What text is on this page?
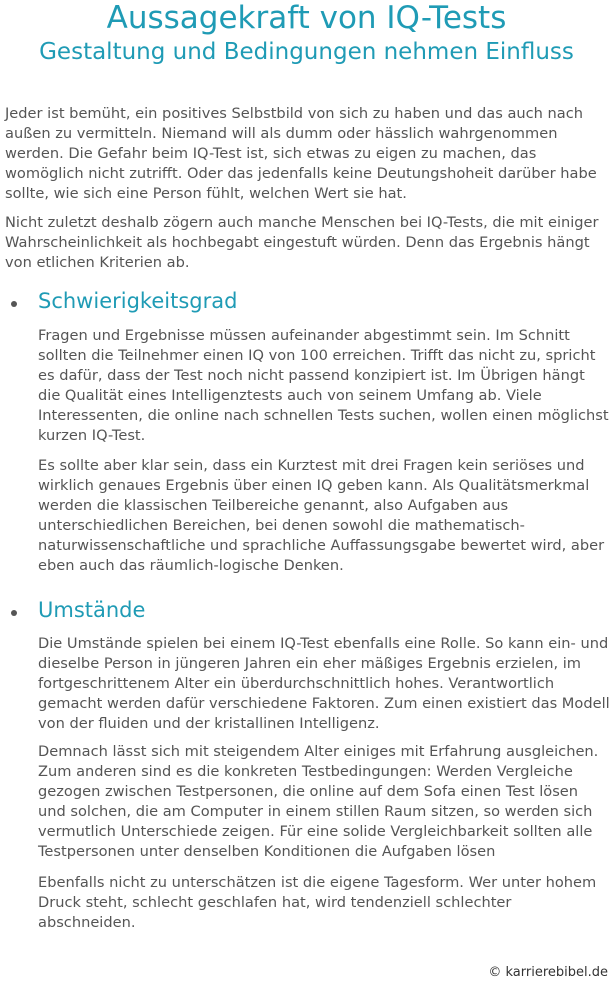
Aussagekraft von IQ-Tests
Gestaltung und Bedingungen nehmen Einfluss

Jeder ist bemüht, ein positives Selbstbild von sich zu haben und das auch nach außen zu vermitteln. Niemand will als dumm oder hässlich wahrgenommen werden. Die Gefahr beim IQ-Test ist, sich etwas zu eigen zu machen, das womöglich nicht zutrifft. Oder das jedenfalls keine Deutungshoheit darüber habe sollte, wie sich eine Person fühlt, welchen Wert sie hat.

Nicht zuletzt deshalb zögern auch manche Menschen bei IQ-Tests, die mit einiger Wahrscheinlichkeit als hochbegabt eingestuft würden. Denn das Ergebnis hängt von etlichen Kriterien ab.

Schwierigkeitsgrad

Fragen und Ergebnisse müssen aufeinander abgestimmt sein. Im Schnitt sollten die Teilnehmer einen IQ von 100 erreichen. Trifft das nicht zu, spricht es dafür, dass der Test noch nicht passend konzipiert ist. Im Übrigen hängt die Qualität eines Intelligenztests auch von seinem Umfang ab. Viele Interessenten, die online nach schnellen Tests suchen, wollen einen möglichst kurzen IQ-Test.

Es sollte aber klar sein, dass ein Kurztest mit drei Fragen kein seriöses und wirklich genaues Ergebnis über einen IQ geben kann. Als Qualitätsmerkmal werden die klassischen Teilbereiche genannt, also Aufgaben aus unterschiedlichen Bereichen, bei denen sowohl die mathematisch-naturwissenschaftliche und sprachliche Auffassungsgabe bewertet wird, aber eben auch das räumlich-logische Denken.

Umstände

Die Umstände spielen bei einem IQ-Test ebenfalls eine Rolle. So kann ein- und dieselbe Person in jüngeren Jahren ein eher mäßiges Ergebnis erzielen, im fortgeschrittenem Alter ein überdurchschnittlich hohes. Verantwortlich gemacht werden dafür verschiedene Faktoren. Zum einen existiert das Modell von der fluiden und der kristallinen Intelligenz.

Demnach lässt sich mit steigendem Alter einiges mit Erfahrung ausgleichen. Zum anderen sind es die konkreten Testbedingungen: Werden Vergleiche gezogen zwischen Testpersonen, die online auf dem Sofa einen Test lösen und solchen, die am Computer in einem stillen Raum sitzen, so werden sich vermutlich Unterschiede zeigen. Für eine solide Vergleichbarkeit sollten alle Testpersonen unter denselben Konditionen die Aufgaben lösen

Ebenfalls nicht zu unterschätzen ist die eigene Tagesform. Wer unter hohem Druck steht, schlecht geschlafen hat, wird tendenziell schlechter abschneiden.

© karrierebibel.de
